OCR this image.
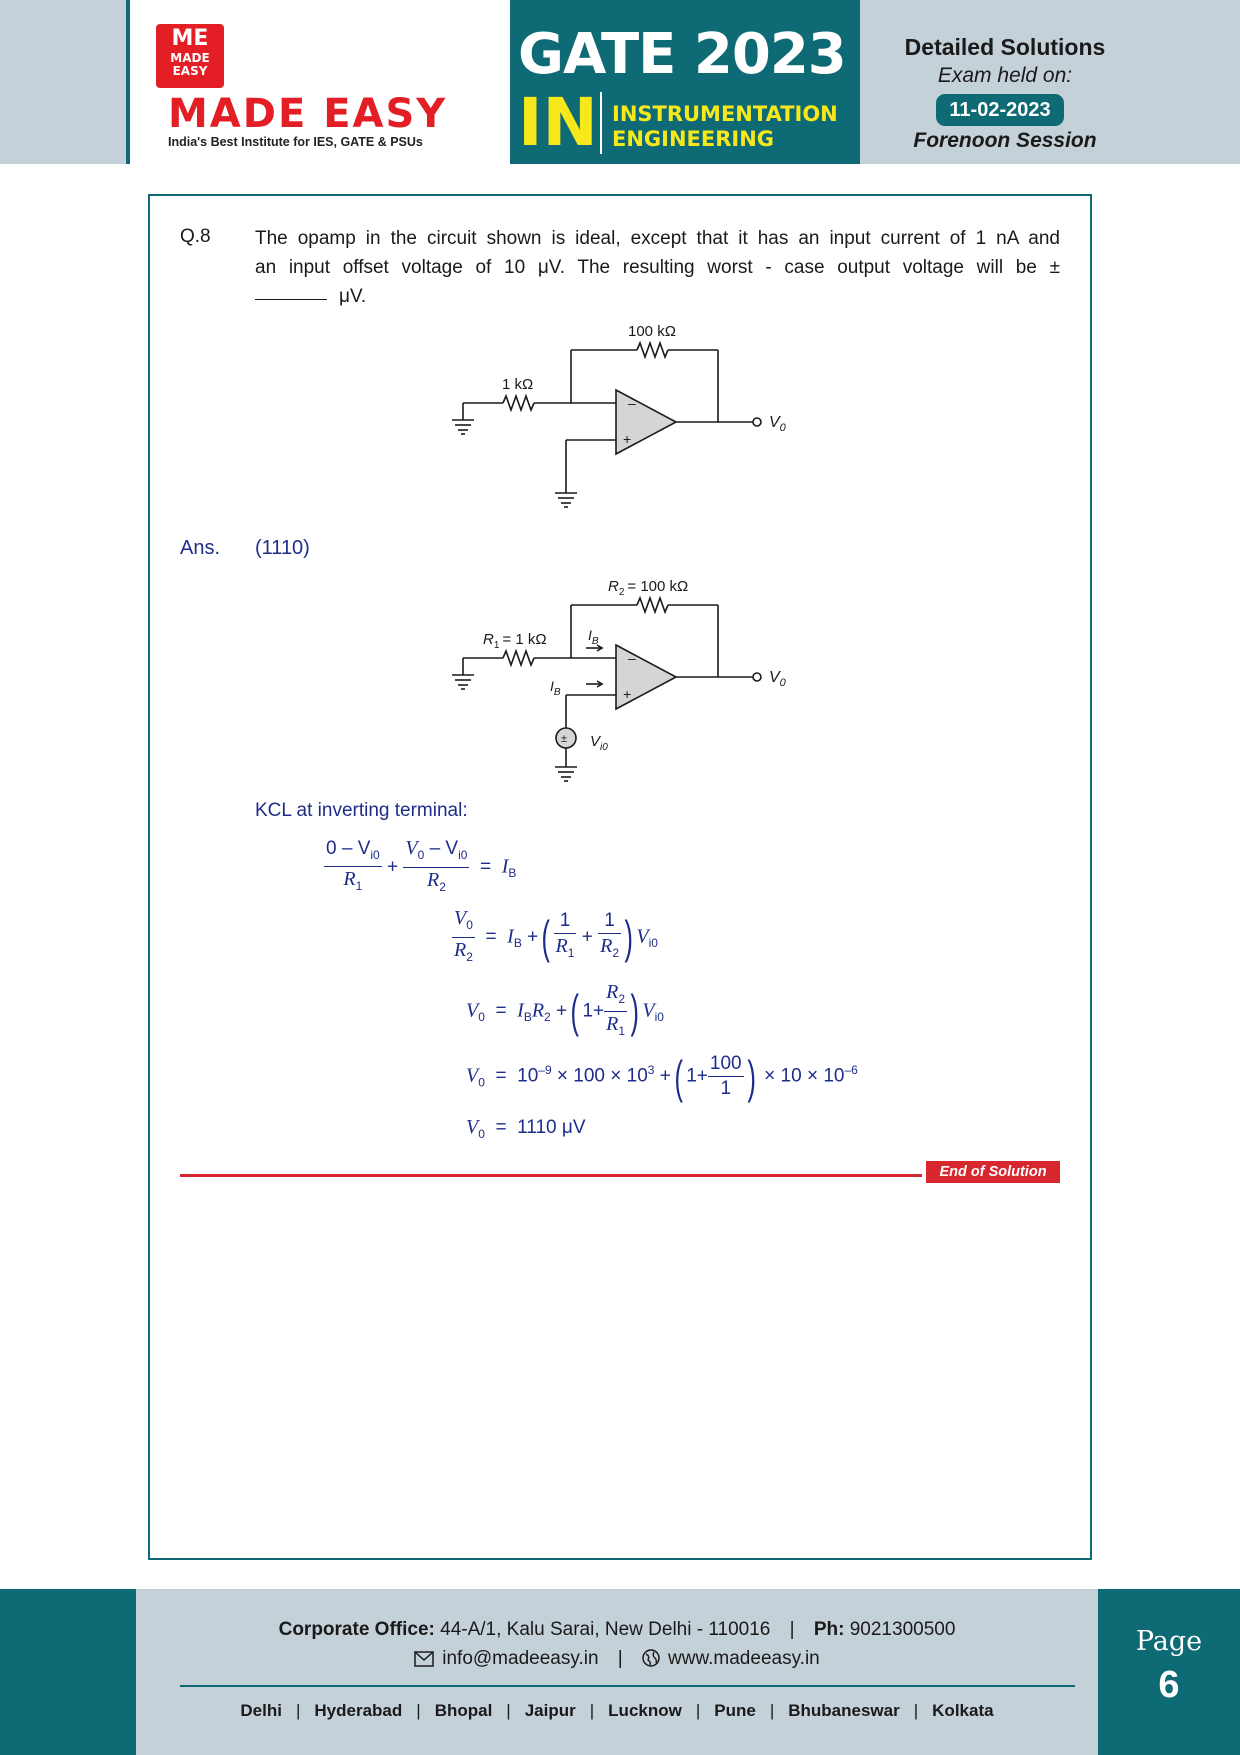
ME
MADE
EASY
MADE EASY
India's Best Institute for IES, GATE & PSUs
GATE 2023
IN INSTRUMENTATION
ENGINEERING
Detailed Solutions
Exam held on:
11-02-2023
Forenoon Session
Q.8 The opamp in the circuit shown is ideal, except that it has an input current of 1 nA and
an input offset voltage of 10 μV. The resulting worst - case output voltage will be ±
μV.
–
+
100 kΩ
1 kΩ
$V_0$
Ans. (1110)
–
+
±
$R_2 = 100$ kΩ
$R_1 = 1$ kΩ	$I_B$
$I_B$
$V_{i0}$
$V_0$
KCL at inverting terminal:
$\frac{0 - V_{i0}}{R_1} + \frac{V_0 - V_{i0}}{R_2} = I_B$
$\frac{V_0}{R_2} = I_B$ +( $\frac{1}{R_1} + \frac{1}{R_2}$ ) $V_{i0}$
$V_0 = I_BR_2$ +( $1+ \frac{R_2}{R_1}$ ) $V_{i0}$
$V_0 = 10^{-9} \times 100 \times 10^3$ +( $1+ \frac{100}{1}$ ) × $10 \times 10^{-6}$
$V_0 = 1110$ μV
End of Solution
Corporate Office: 44-A/1, Kalu Sarai, New Delhi - 110016 | Ph: 9021300500
info@madeeasy.in | www.madeeasy.in
Delhi | Hyderabad | Bhopal | Jaipur | Lucknow | Pune | Bhubaneswar | Kolkata
Page
6
